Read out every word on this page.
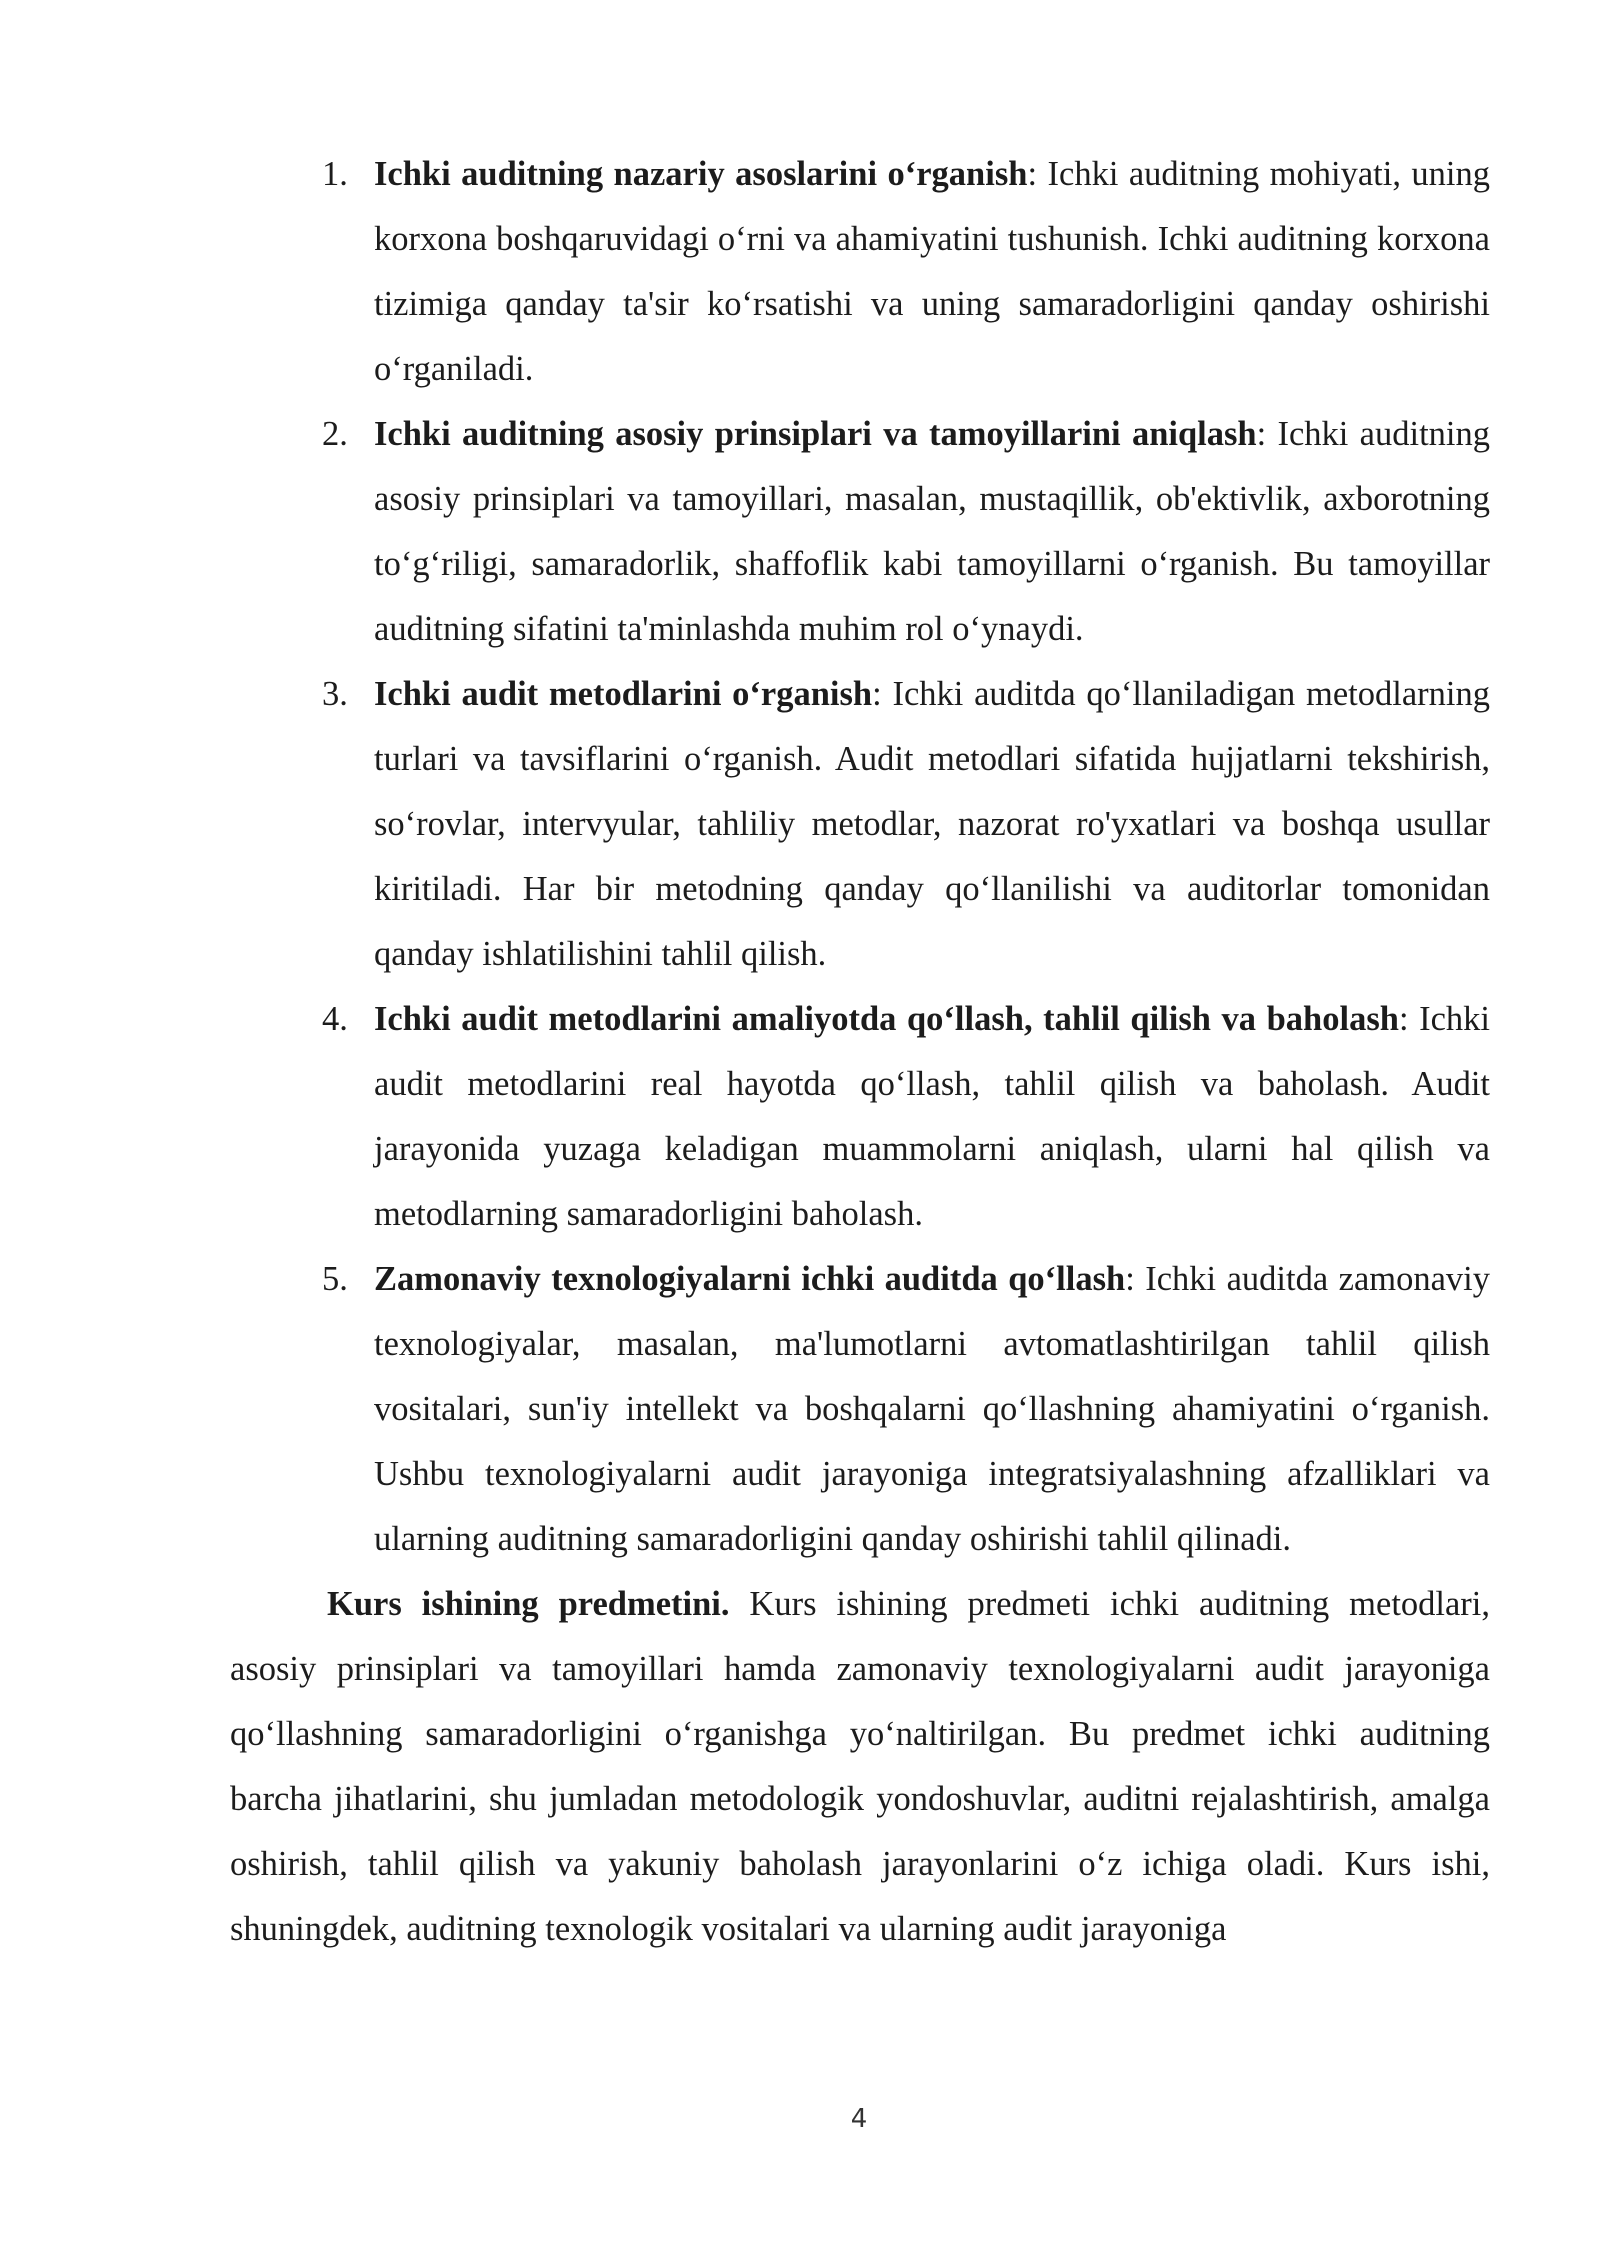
1. Ichki auditning nazariy asoslarini o‘rganish: Ichki auditning mohiyati, uning korxona boshqaruvidagi o‘rni va ahamiyatini tushunish. Ichki auditning korxona tizimiga qanday ta'sir ko‘rsatishi va uning samaradorligini qanday oshirishi o‘rganiladi.
2. Ichki auditning asosiy prinsiplari va tamoyillarini aniqlash: Ichki auditning asosiy prinsiplari va tamoyillari, masalan, mustaqillik, ob'ektivlik, axborotning to‘g‘riligi, samaradorlik, shaffoflik kabi tamoyillarni o‘rganish. Bu tamoyillar auditning sifatini ta'minlashda muhim rol o‘ynaydi.
3. Ichki audit metodlarini o‘rganish: Ichki auditda qo‘llaniladigan metodlarning turlari va tavsiflarini o‘rganish. Audit metodlari sifatida hujjatlarni tekshirish, so‘rovlar, intervyular, tahliliy metodlar, nazorat ro'yxatlari va boshqa usullar kiritiladi. Har bir metodning qanday qo‘llanilishi va auditorlar tomonidan qanday ishlatilishini tahlil qilish.
4. Ichki audit metodlarini amaliyotda qo‘llash, tahlil qilish va baholash: Ichki audit metodlarini real hayotda qo‘llash, tahlil qilish va baholash. Audit jarayonida yuzaga keladigan muammolarni aniqlash, ularni hal qilish va metodlarning samaradorligini baholash.
5. Zamonaviy texnologiyalarni ichki auditda qo‘llash: Ichki auditda zamonaviy texnologiyalar, masalan, ma'lumotlarni avtomatlashtirilgan tahlil qilish vositalari, sun'iy intellekt va boshqalarni qo‘llashning ahamiyatini o‘rganish. Ushbu texnologiyalarni audit jarayoniga integratsiyalashning afzalliklari va ularning auditning samaradorligini qanday oshirishi tahlil qilinadi.

Kurs ishining predmetini. Kurs ishining predmeti ichki auditning metodlari, asosiy prinsiplari va tamoyillari hamda zamonaviy texnologiyalarni audit jarayoniga qo‘llashning samaradorligini o‘rganishga yo‘naltirilgan. Bu predmet ichki auditning barcha jihatlarini, shu jumladan metodologik yondoshuvlar, auditni rejalashtirish, amalga oshirish, tahlil qilish va yakuniy baholash jarayonlarini o‘z ichiga oladi. Kurs ishi, shuningdek, auditning texnologik vositalari va ularning audit jarayoniga

4
